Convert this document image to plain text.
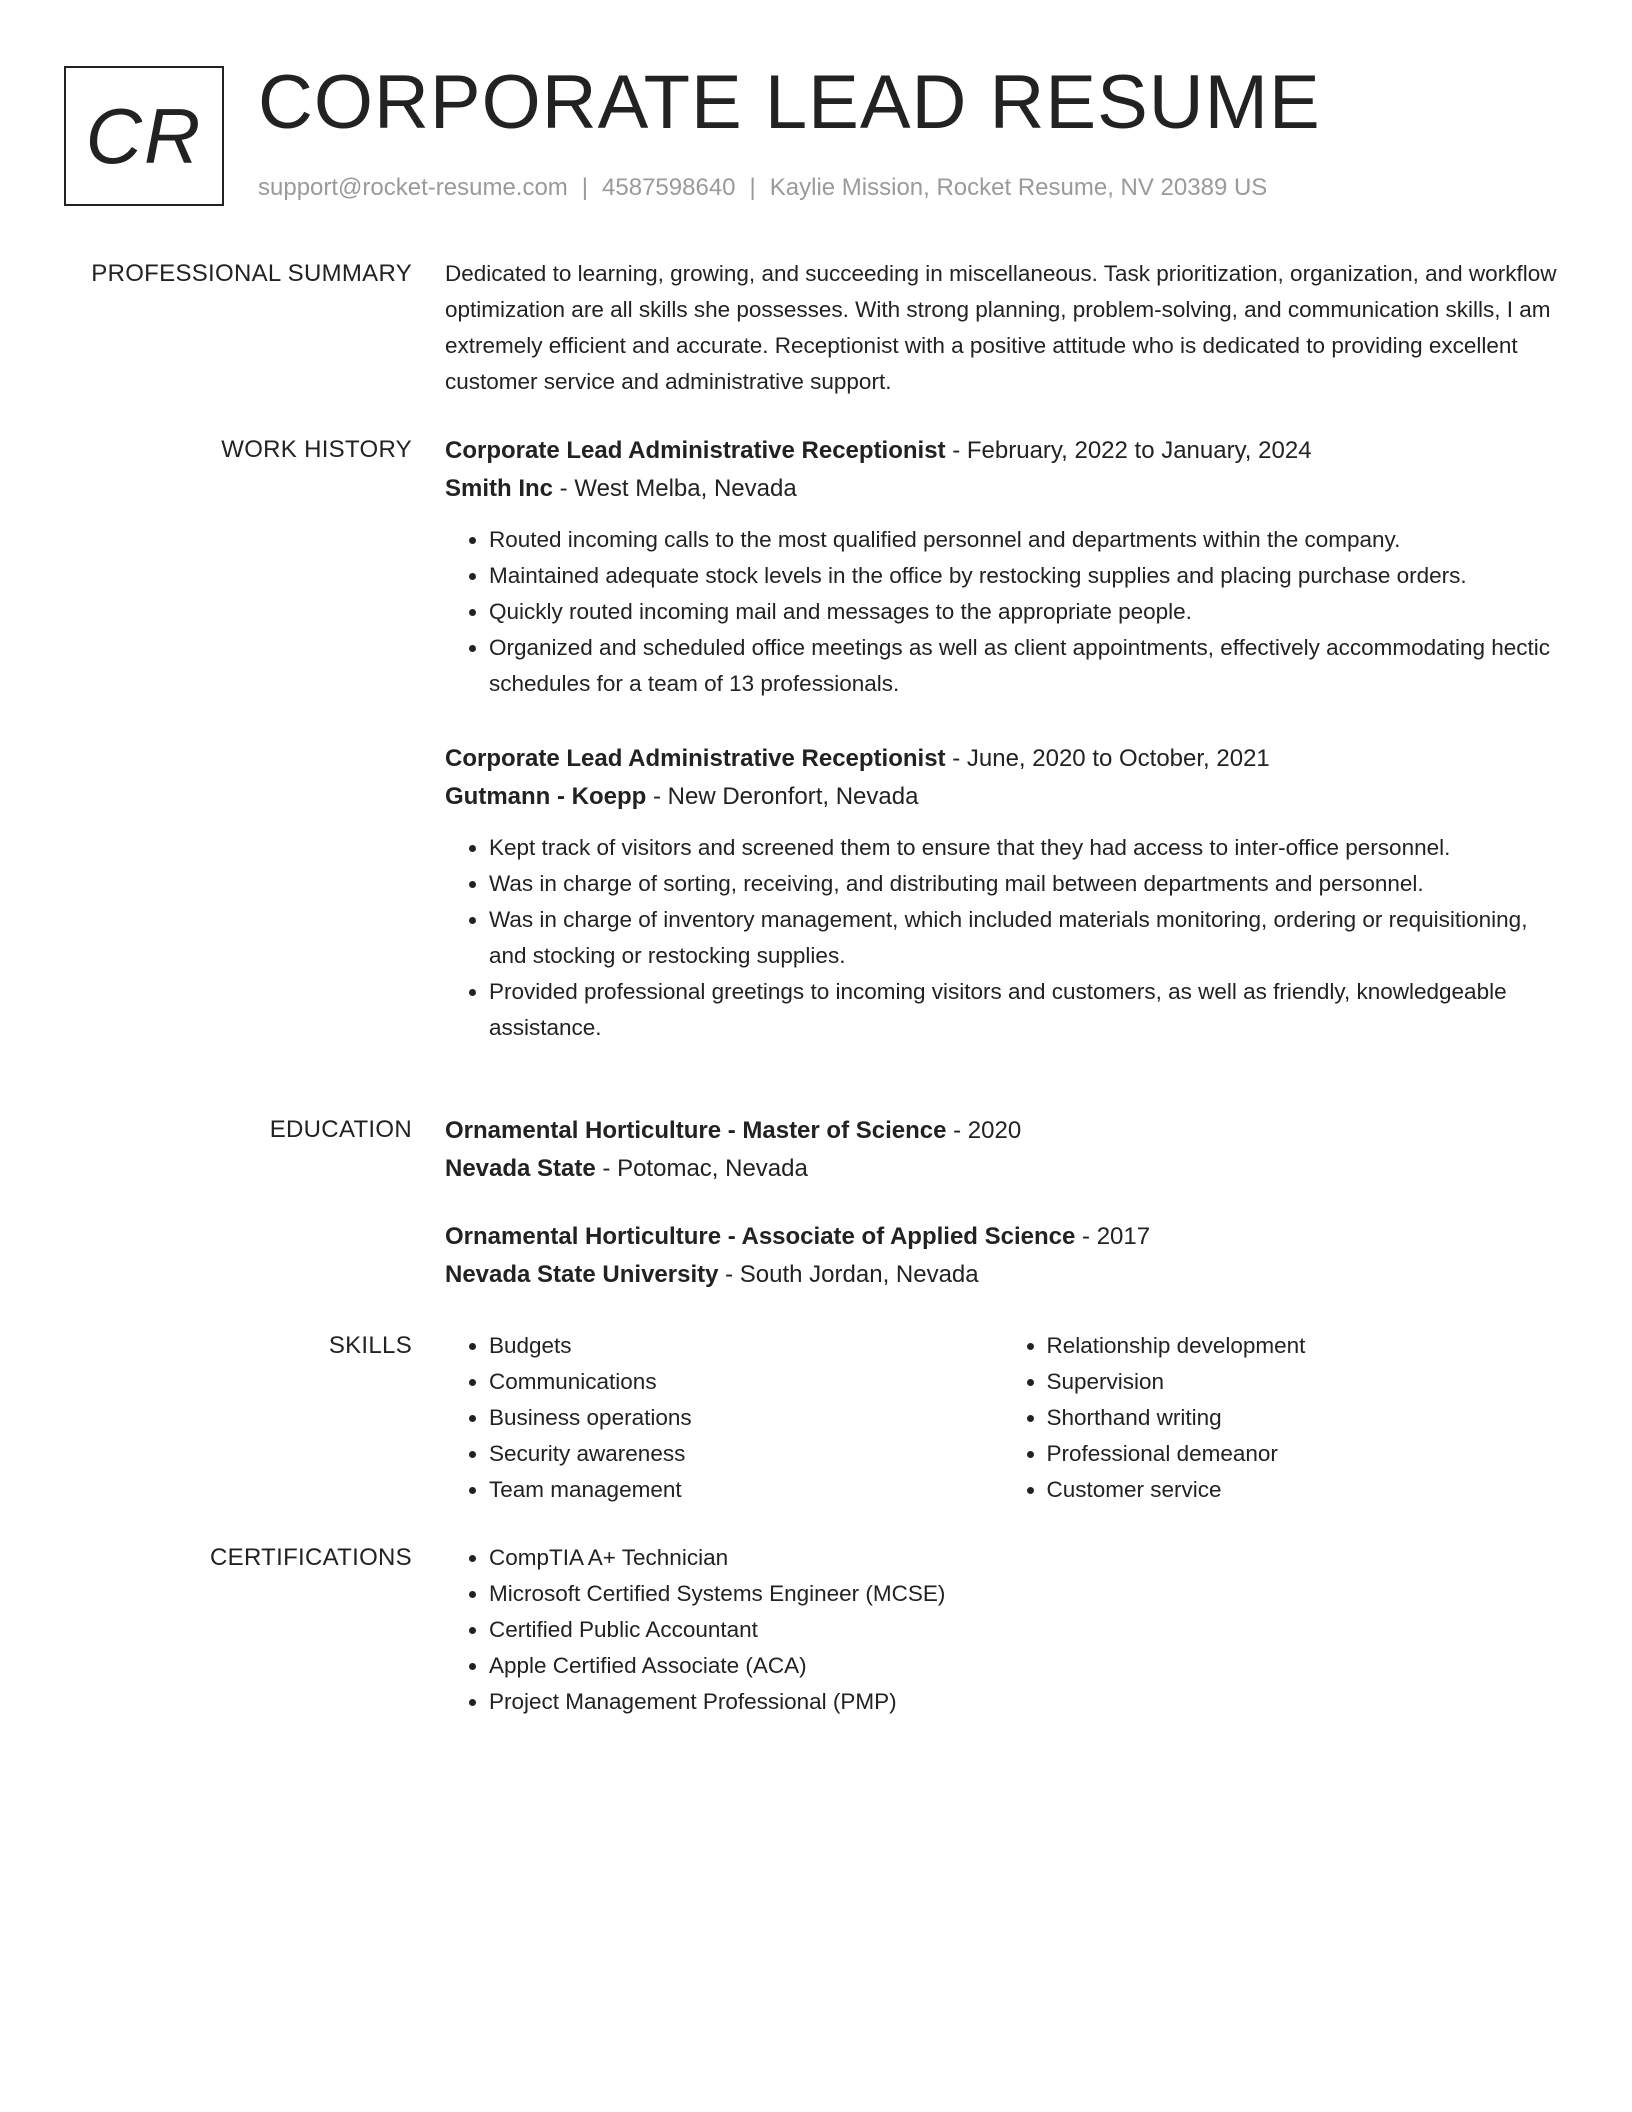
CR CORPORATE LEAD RESUME
support@rocket-resume.com | 4587598640 | Kaylie Mission, Rocket Resume, NV 20389 US
PROFESSIONAL SUMMARY Dedicated to learning, growing, and succeeding in miscellaneous. Task prioritization, organization, and workflow optimization are all skills she possesses. With strong planning, problem-solving, and communication skills, I am extremely efficient and accurate. Receptionist with a positive attitude who is dedicated to providing excellent customer service and administrative support.

WORK HISTORY Corporate Lead Administrative Receptionist - February, 2022 to January, 2024
Smith Inc - West Melba, Nevada
• Routed incoming calls to the most qualified personnel and departments within the company.
• Maintained adequate stock levels in the office by restocking supplies and placing purchase orders.
• Quickly routed incoming mail and messages to the appropriate people.
• Organized and scheduled office meetings as well as client appointments, effectively accommodating hectic schedules for a team of 13 professionals.
Corporate Lead Administrative Receptionist - June, 2020 to October, 2021
Gutmann - Koepp - New Deronfort, Nevada
• Kept track of visitors and screened them to ensure that they had access to inter-office personnel.
• Was in charge of sorting, receiving, and distributing mail between departments and personnel.
• Was in charge of inventory management, which included materials monitoring, ordering or requisitioning, and stocking or restocking supplies.
• Provided professional greetings to incoming visitors and customers, as well as friendly, knowledgeable assistance.
EDUCATION Ornamental Horticulture - Master of Science - 2020
Nevada State - Potomac, Nevada
Ornamental Horticulture - Associate of Applied Science - 2017
Nevada State University - South Jordan, Nevada
SKILLS	• Budgets
• Communications
• Business operations
• Security awareness
• Team management
• Relationship development
• Supervision
• Shorthand writing
• Professional demeanor
• Customer service
CERTIFICATIONS	• CompTIA A+ Technician
• Microsoft Certified Systems Engineer (MCSE)
• Certified Public Accountant
• Apple Certified Associate (ACA)
• Project Management Professional (PMP)
